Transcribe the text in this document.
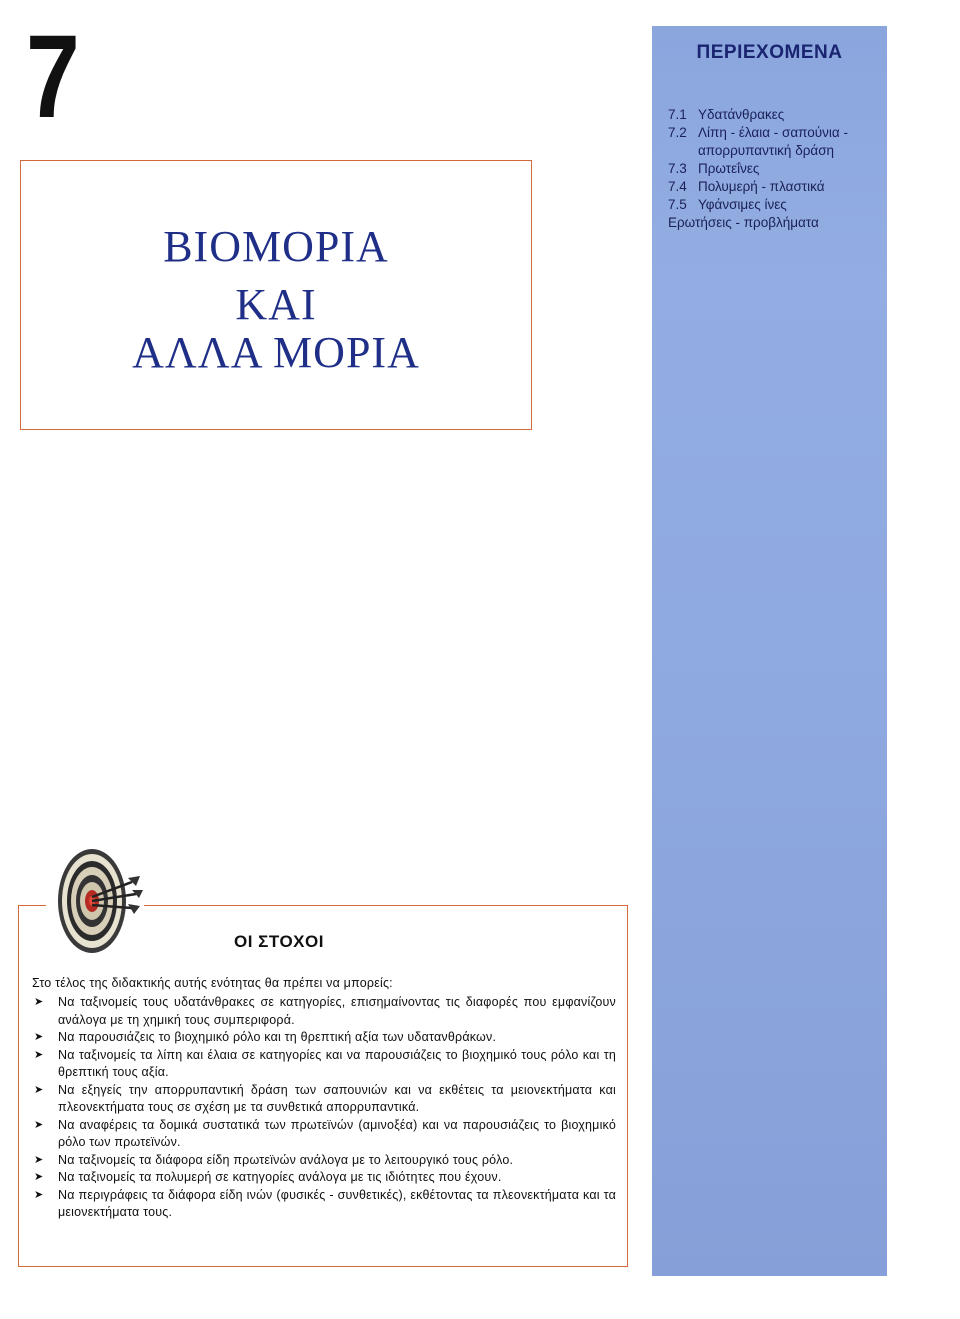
7
ΒΙΟΜΟΡΙΑ
ΚΑΙ
ΑΛΛΑ ΜΟΡΙΑ
ΠΕΡΙΕΧΟΜΕΝΑ
7.1 Υδατάνθρακες
7.2 Λίπη - έλαια - σαπούνια - απορρυπαντική δράση
7.3 Πρωτεΐνες
7.4 Πολυμερή - πλαστικά
7.5 Υφάνσιμες ίνες
Ερωτήσεις - προβλήματα
ΟΙ ΣΤΟΧΟΙ
Στο τέλος της διδακτικής αυτής ενότητας θα πρέπει να μπορείς:
➤	Να ταξινομείς τους υδατάνθρακες σε κατηγορίες, επισημαίνοντας τις διαφορές που εμφανίζουν ανάλογα με τη χημική τους συμπεριφορά.
➤	Να παρουσιάζεις το βιοχημικό ρόλο και τη θρεπτική αξία των υδατανθράκων.
➤	Να ταξινομείς τα λίπη και έλαια σε κατηγορίες και να παρουσιάζεις το βιοχημικό τους ρόλο και τη θρεπτική τους αξία.
➤	Να εξηγείς την απορρυπαντική δράση των σαπουνιών και να εκθέτεις τα μειονεκτήματα και πλεονεκτήματα τους σε σχέση με τα συνθετικά απορρυπαντικά.
➤	Να αναφέρεις τα δομικά συστατικά των πρωτεϊνών (αμινοξέα) και να παρουσιάζεις το βιοχημικό ρόλο των πρωτεϊνών.
➤	Να ταξινομείς τα διάφορα είδη πρωτεϊνών ανάλογα με το λειτουργικό τους ρόλο.
➤	Να ταξινομείς τα πολυμερή σε κατηγορίες ανάλογα με τις ιδιότητες που έχουν.
➤	Να περιγράφεις τα διάφορα είδη ινών (φυσικές - συνθετικές), εκθέτοντας τα πλεονεκτήματα και τα μειονεκτήματα τους.
